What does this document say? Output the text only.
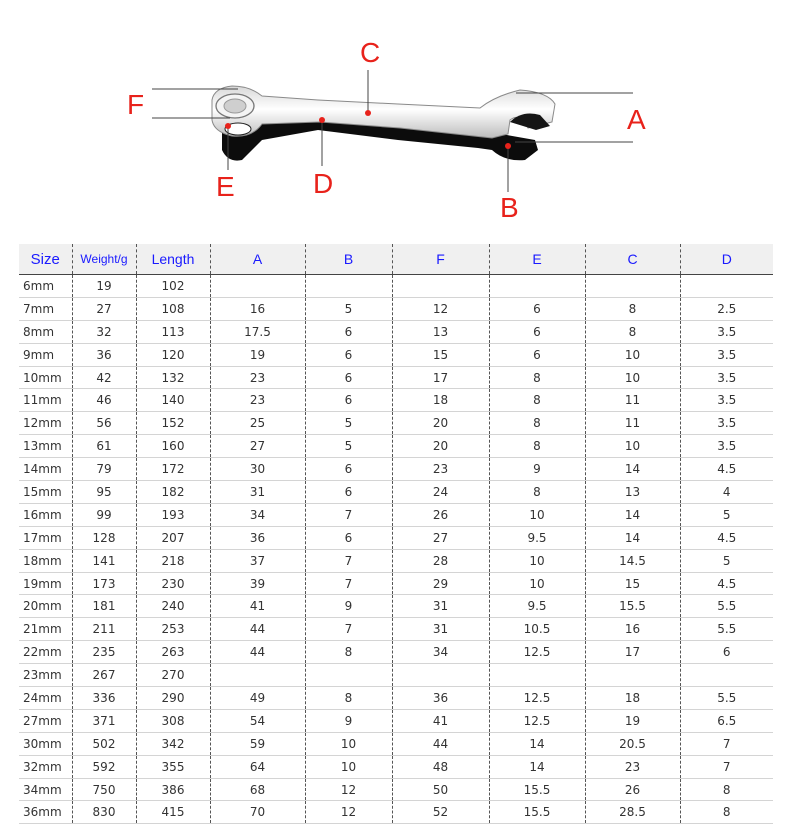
C
F	A
E	D
B
Size	Weight/g	Length	A	B	F	E	C	D
6mm	19	102						
7mm	27	108	16	5	12	6	8	2.5
8mm	32	113	17.5	6	13	6	8	3.5
9mm	36	120	19	6	15	6	10	3.5
10mm	42	132	23	6	17	8	10	3.5
11mm	46	140	23	6	18	8	11	3.5
12mm	56	152	25	5	20	8	11	3.5
13mm	61	160	27	5	20	8	10	3.5
14mm	79	172	30	6	23	9	14	4.5
15mm	95	182	31	6	24	8	13	4
16mm	99	193	34	7	26	10	14	5
17mm	128	207	36	6	27	9.5	14	4.5
18mm	141	218	37	7	28	10	14.5	5
19mm	173	230	39	7	29	10	15	4.5
20mm	181	240	41	9	31	9.5	15.5	5.5
21mm	211	253	44	7	31	10.5	16	5.5
22mm	235	263	44	8	34	12.5	17	6
23mm	267	270						
24mm	336	290	49	8	36	12.5	18	5.5
27mm	371	308	54	9	41	12.5	19	6.5
30mm	502	342	59	10	44	14	20.5	7
32mm	592	355	64	10	48	14	23	7
34mm	750	386	68	12	50	15.5	26	8
36mm	830	415	70	12	52	15.5	28.5	8
